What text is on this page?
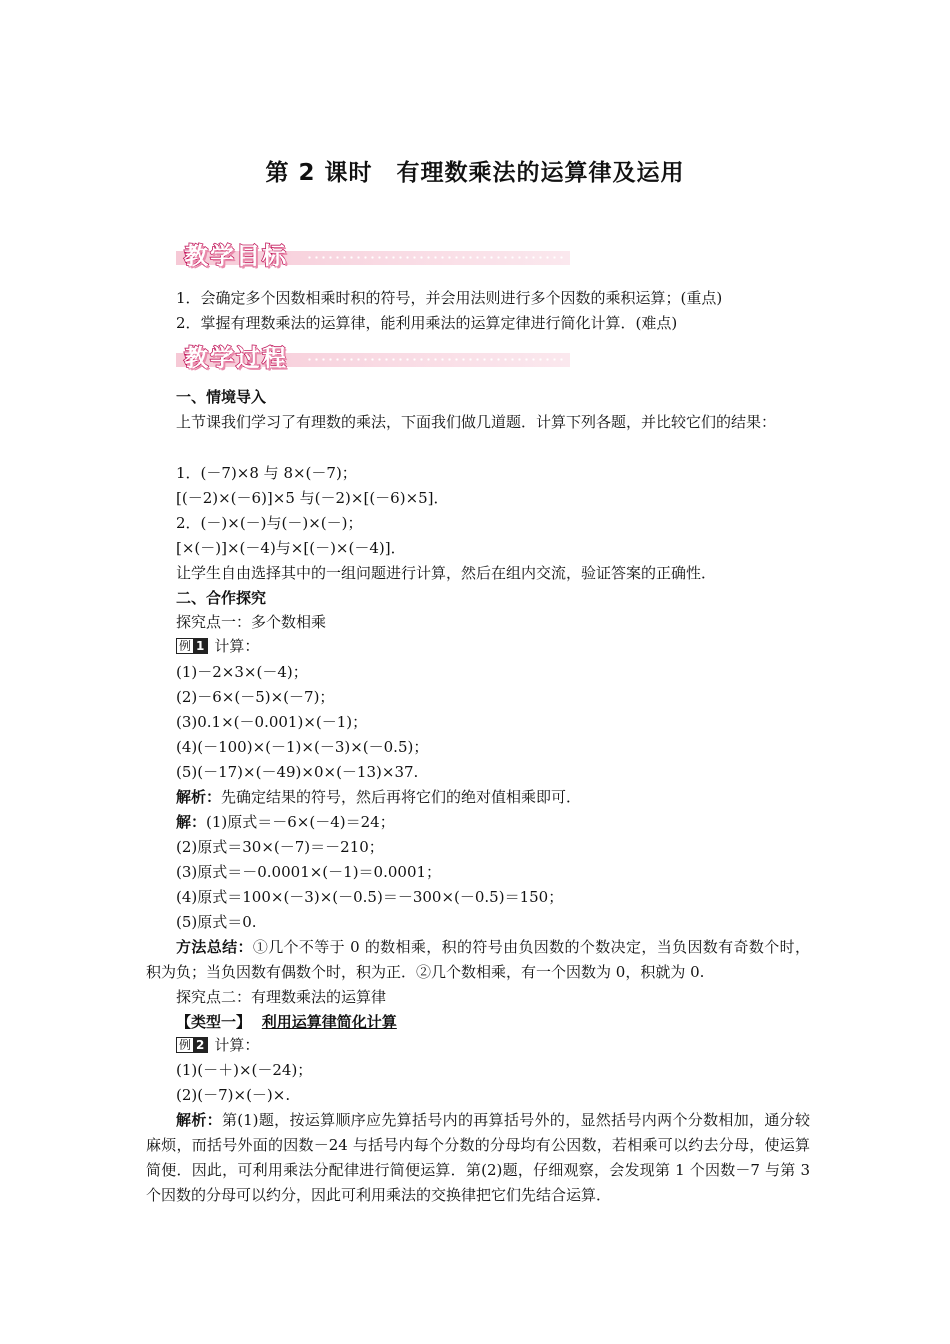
第 2 课时　有理数乘法的运算律及运用
教学目标
1．会确定多个因数相乘时积的符号，并会用法则进行多个因数的乘积运算；(重点)
2．掌握有理数乘法的运算律，能利用乘法的运算定律进行简化计算．(难点)
教学过程
一、情境导入
上节课我们学习了有理数的乘法，下面我们做几道题．计算下列各题，并比较它们的结果：
1．(－7)×8 与 8×(－7)；
[(－2)×(－6)]×5 与(－2)×[(－6)×5]．
2．(－)×(－)与(－)×(－)；
[×(－)]×(－4)与×[(－)×(－4)]．
让学生自由选择其中的一组问题进行计算，然后在组内交流，验证答案的正确性．
二、合作探究
探究点一：多个数相乘
例 1 计算：
(1)－2×3×(－4)；
(2)－6×(－5)×(－7)；
(3)0.1×(－0.001)×(－1)；
(4)(－100)×(－1)×(－3)×(－0.5)；
(5)(－17)×(－49)×0×(－13)×37.
解析：先确定结果的符号，然后再将它们的绝对值相乘即可．
解：(1)原式＝－6×(－4)＝24；
(2)原式＝30×(－7)＝－210；
(3)原式＝－0.0001×(－1)＝0.0001；
(4)原式＝100×(－3)×(－0.5)＝－300×(－0.5)＝150；
(5)原式＝0.
方法总结：①几个不等于 0 的数相乘，积的符号由负因数的个数决定，当负因数有奇数个时，积为负；当负因数有偶数个时，积为正．②几个数相乘，有一个因数为 0，积就为 0.
探究点二：有理数乘法的运算律
【类型一】 利用运算律简化计算
例 2 计算：
(1)(－＋)×(－24)；
(2)(－7)×(－)×.
解析：第(1)题，按运算顺序应先算括号内的再算括号外的，显然括号内两个分数相加，通分较麻烦，而括号外面的因数－24 与括号内每个分数的分母均有公因数，若相乘可以约去分母，使运算简便．因此，可利用乘法分配律进行简便运算．第(2)题，仔细观察，会发现第 1 个因数－7 与第 3 个因数的分母可以约分，因此可利用乘法的交换律把它们先结合运算．
